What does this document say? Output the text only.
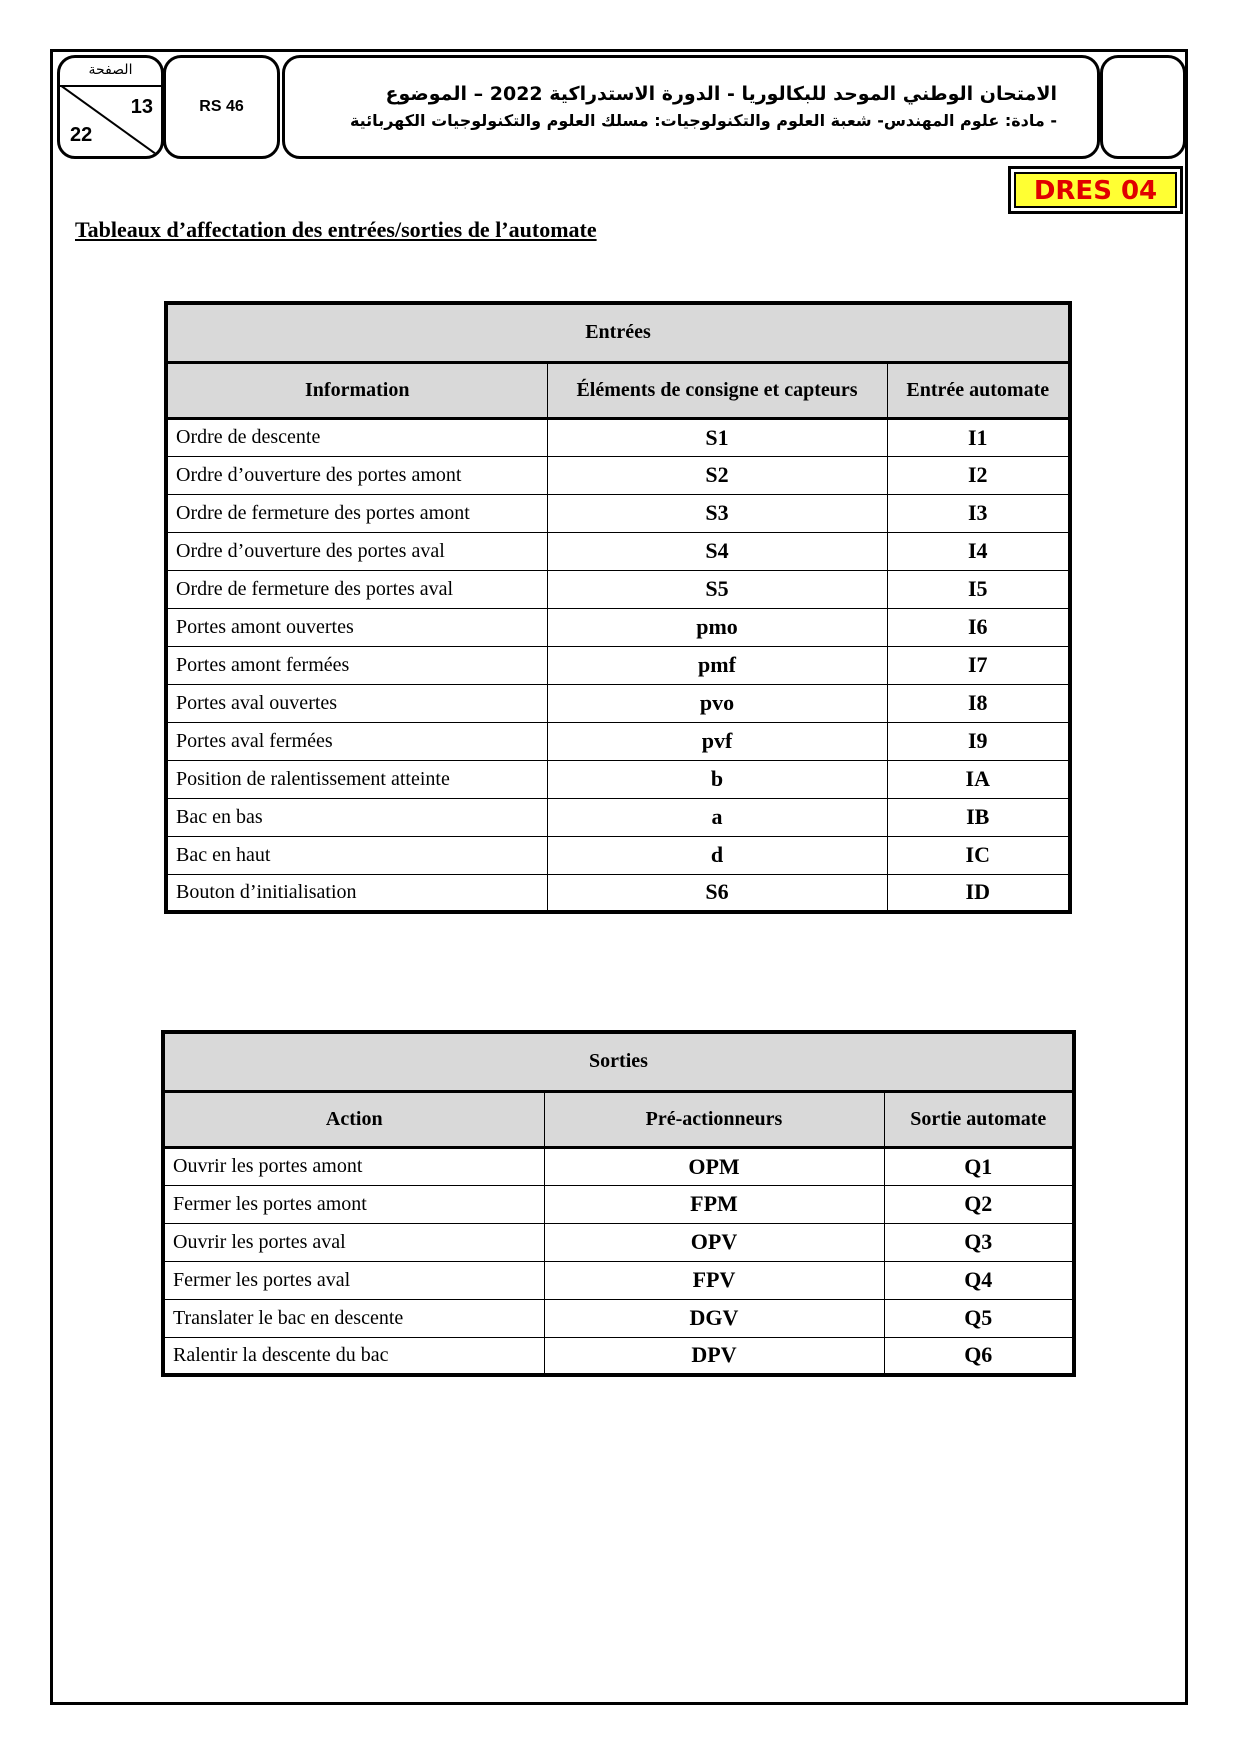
الصفحة
13
22
RS 46
الامتحان الوطني الموحد للبكالوريا - الدورة الاستدراكية 2022 – الموضوع
- مادة: علوم المهندس- شعبة العلوم والتكنولوجيات: مسلك العلوم والتكنولوجيات الكهربائية
DRES 04
Tableaux d’affectation des entrées/sorties de l’automate
Entrées		
Information	Éléments de consigne et capteurs	Entrée automate
Ordre de descente	S1	I1
Ordre d’ouverture des portes amont	S2	I2
Ordre de fermeture des portes amont	S3	I3
Ordre d’ouverture des portes aval	S4	I4
Ordre de fermeture des portes aval	S5	I5
Portes amont ouvertes	pmo	I6
Portes amont fermées	pmf	I7
Portes aval ouvertes	pvo	I8
Portes aval fermées	pvf	I9
Position de ralentissement atteinte	b	IA
Bac en bas	a	IB
Bac en haut	d	IC
Bouton d’initialisation	S6	ID
Sorties		
Action	Pré-actionneurs	Sortie automate
Ouvrir les portes amont	OPM	Q1
Fermer les portes amont	FPM	Q2
Ouvrir les portes aval	OPV	Q3
Fermer les portes aval	FPV	Q4
Translater le bac en descente	DGV	Q5
Ralentir la descente du bac	DPV	Q6
